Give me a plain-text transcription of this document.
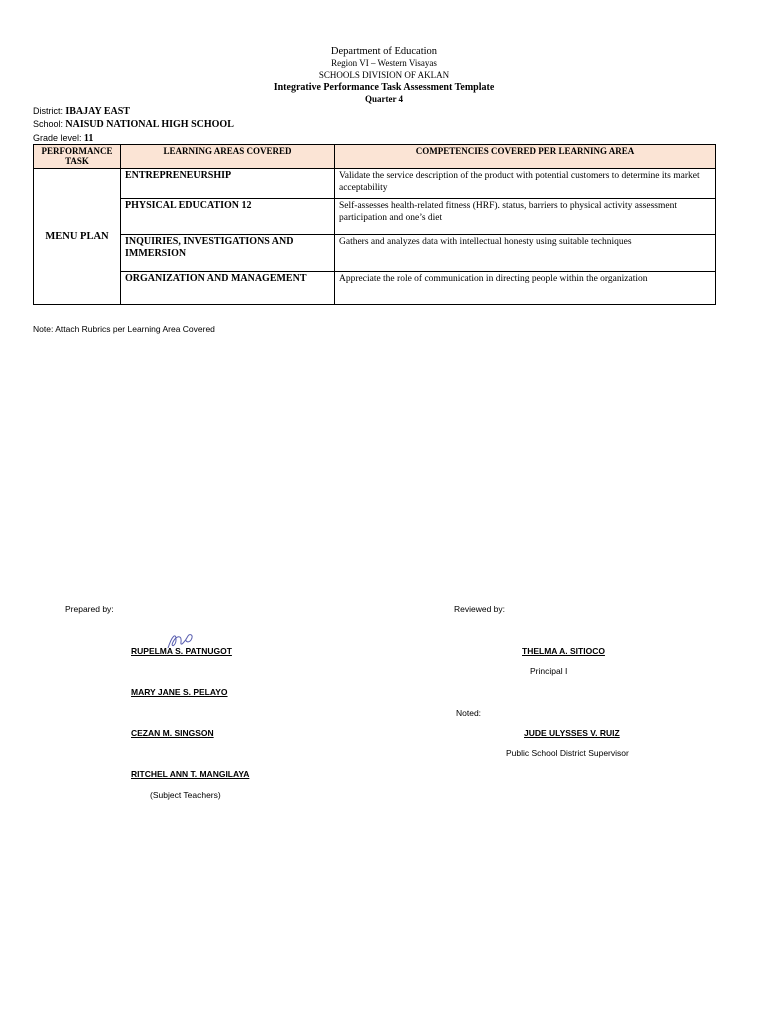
Department of Education
Region VI – Western Visayas
SCHOOLS DIVISION OF AKLAN
Integrative Performance Task Assessment Template
Quarter 4
District: IBAJAY EAST
School: NAISUD NATIONAL HIGH SCHOOL
Grade level: 11
PERFORMANCE TASK	LEARNING AREAS COVERED	COMPETENCIES COVERED PER LEARNING AREA
MENU PLAN	ENTREPRENEURSHIP	Validate the service description of the product with potential customers to determine its market acceptability
	PHYSICAL EDUCATION 12	Self-assesses health-related fitness (HRF). status, barriers to physical activity assessment participation and one’s diet
	INQUIRIES, INVESTIGATIONS AND IMMERSION	Gathers and analyzes data with intellectual honesty using suitable techniques
	ORGANIZATION AND MANAGEMENT	Appreciate the role of communication in directing people within the organization
Note: Attach Rubrics per Learning Area Covered
Prepared by:
RUPELMA S. PATNUGOT
MARY JANE S. PELAYO
CEZAN M. SINGSON
RITCHEL ANN T. MANGILAYA
(Subject Teachers)
Reviewed by:
THELMA A. SITIOCO
Principal I
Noted:
JUDE ULYSSES V. RUIZ
Public School District Supervisor
